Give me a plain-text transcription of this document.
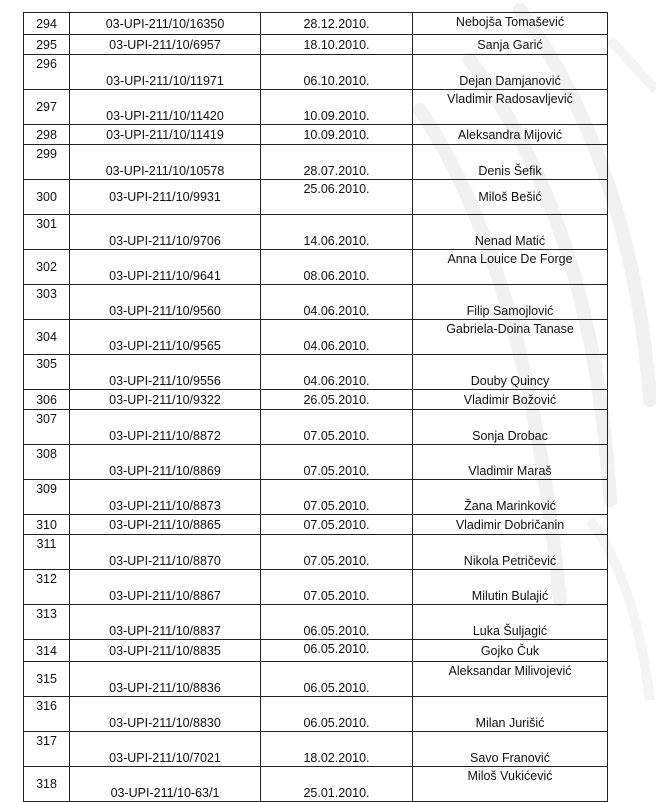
294	03-UPI-211/10/16350	28.12.2010.	Nebojša Tomašević
295	03-UPI-211/10/6957	18.10.2010.	Sanja Garić
296	03-UPI-211/10/11971	06.10.2010.	Dejan Damjanović
297	03-UPI-211/10/11420	10.09.2010.	Vladimir Radosavljević
298	03-UPI-211/10/11419	10.09.2010.	Aleksandra Mijović
299	03-UPI-211/10/10578	28.07.2010.	Denis Šefik
300	03-UPI-211/10/9931	25.06.2010.	Miloš Bešić
301	03-UPI-211/10/9706	14.06.2010.	Nenad Matić
302	03-UPI-211/10/9641	08.06.2010.	Anna Louice De Forge
303	03-UPI-211/10/9560	04.06.2010.	Filip Samojlović
304	03-UPI-211/10/9565	04.06.2010.	Gabriela-Doina Tanase
305	03-UPI-211/10/9556	04.06.2010.	Douby Quincy
306	03-UPI-211/10/9322	26.05.2010.	Vladimir Božović
307	03-UPI-211/10/8872	07.05.2010.	Sonja Drobac
308	03-UPI-211/10/8869	07.05.2010.	Vladimir Maraš
309	03-UPI-211/10/8873	07.05.2010.	Žana Marinković
310	03-UPI-211/10/8865	07.05.2010.	Vladimir Dobričanin
311	03-UPI-211/10/8870	07.05.2010.	Nikola Petričević
312	03-UPI-211/10/8867	07.05.2010.	Milutin Bulajić
313	03-UPI-211/10/8837	06.05.2010.	Luka Šuljagić
314	03-UPI-211/10/8835	06.05.2010.	Gojko Čuk
315	03-UPI-211/10/8836	06.05.2010.	Aleksandar Milivojević
316	03-UPI-211/10/8830	06.05.2010.	Milan Jurišić
317	03-UPI-211/10/7021	18.02.2010.	Savo Franović
318	03-UPI-211/10-63/1	25.01.2010.	Miloš Vukićević
